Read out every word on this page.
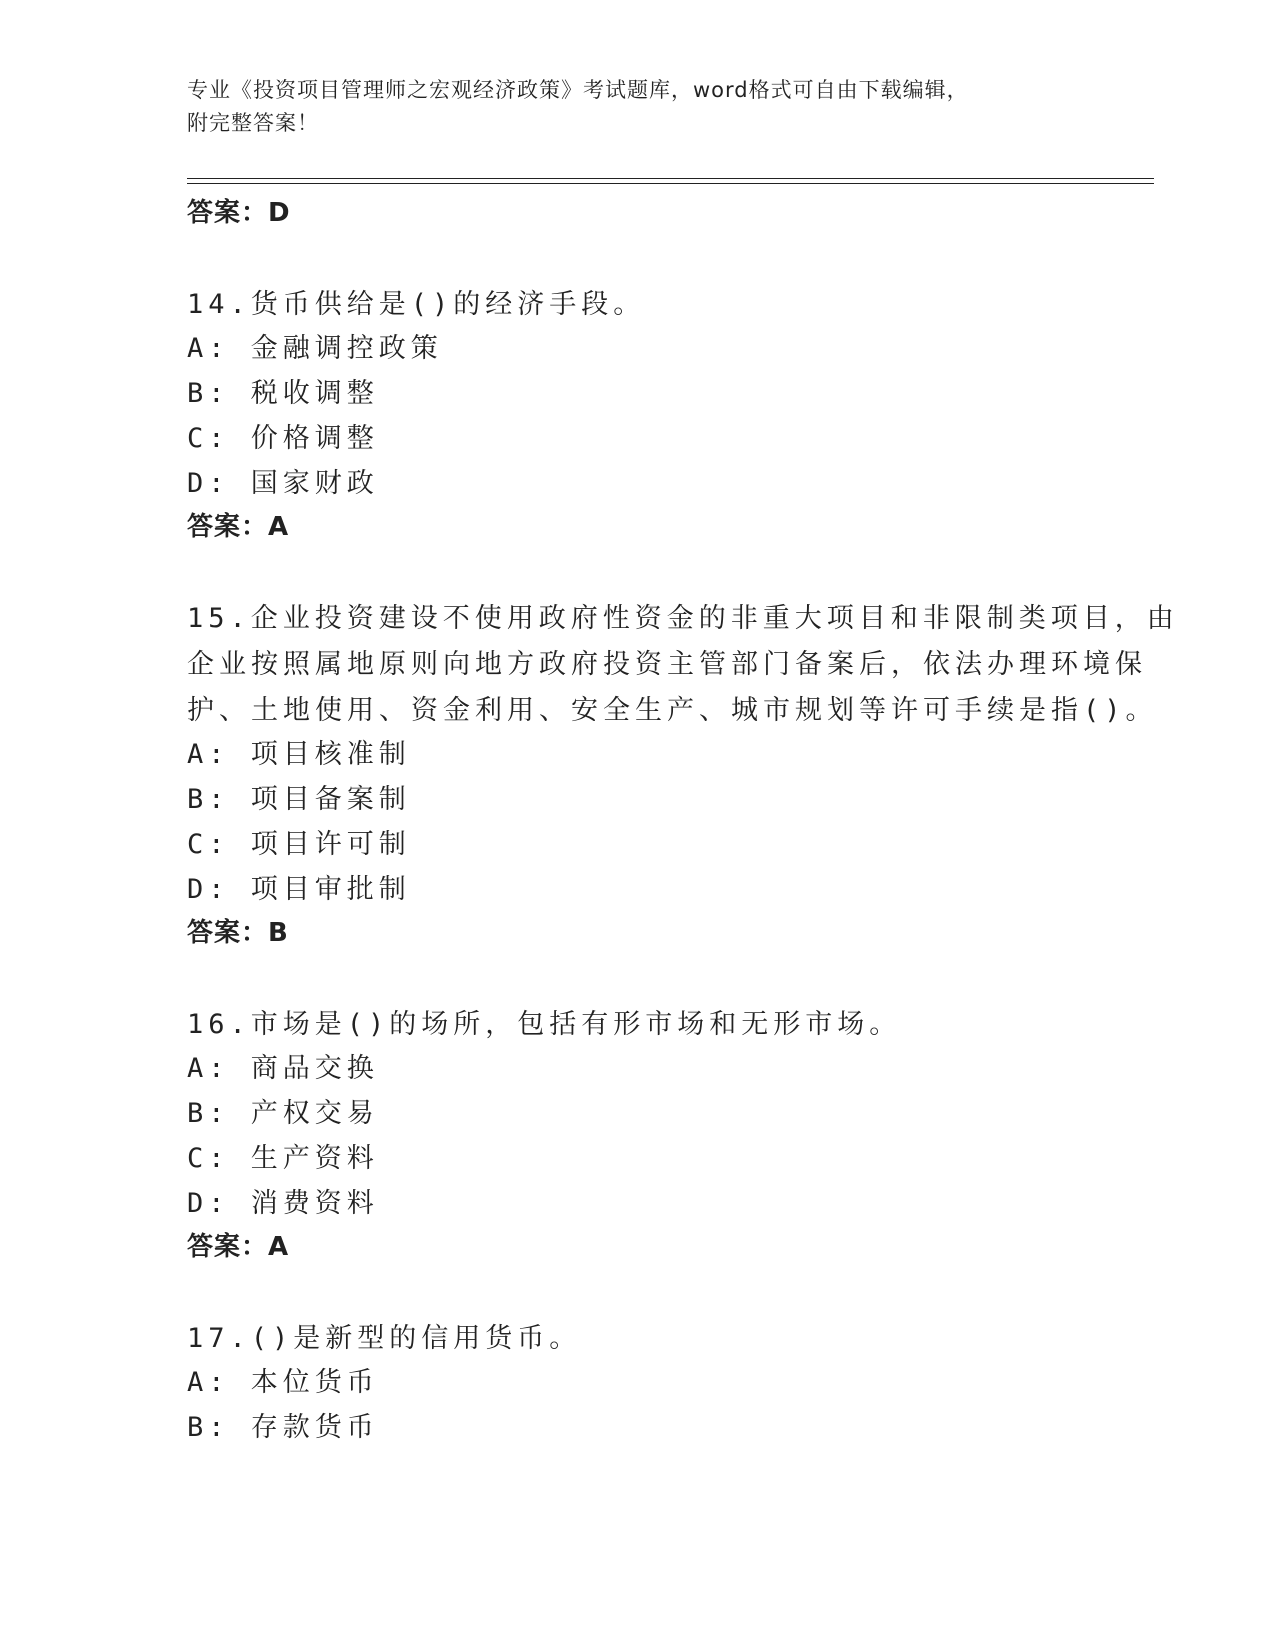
专业《投资项目管理师之宏观经济政策》考试题库，word格式可自由下载编辑，
附完整答案！
答案：D
14.货币供给是()的经济手段。
A: 金融调控政策
B: 税收调整
C: 价格调整
D: 国家财政
答案：A
15.企业投资建设不使用政府性资金的非重大项目和非限制类项目，由
企业按照属地原则向地方政府投资主管部门备案后，依法办理环境保
护、土地使用、资金利用、安全生产、城市规划等许可手续是指()。
A: 项目核准制
B: 项目备案制
C: 项目许可制
D: 项目审批制
答案：B
16.市场是()的场所，包括有形市场和无形市场。
A: 商品交换
B: 产权交易
C: 生产资料
D: 消费资料
答案：A
17.()是新型的信用货币。
A: 本位货币
B: 存款货币
